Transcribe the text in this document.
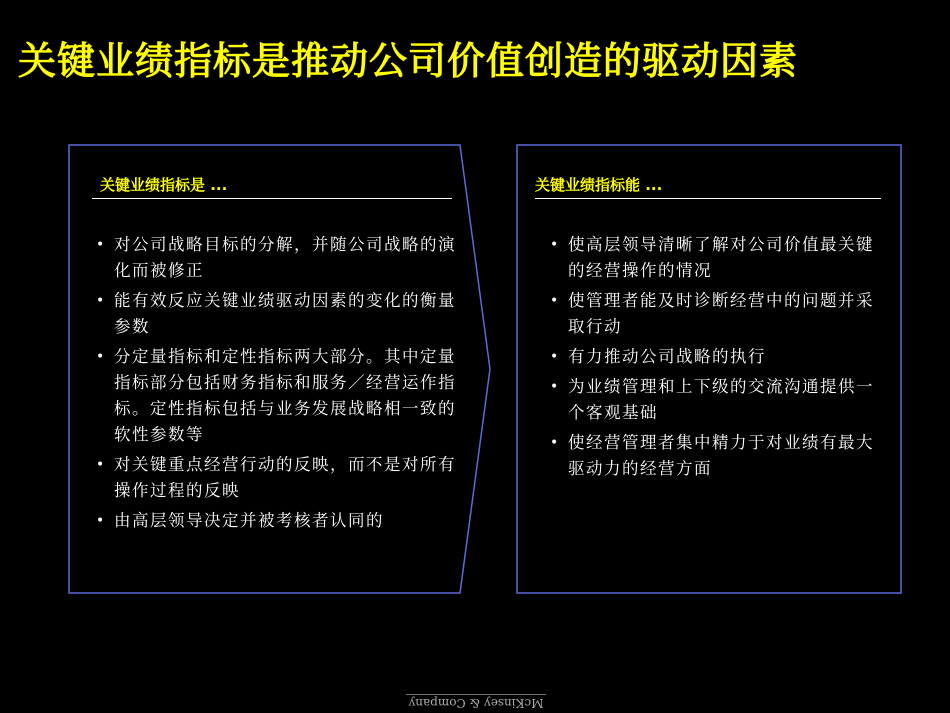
关键业绩指标是推动公司价值创造的驱动因素
关键业绩指标是 ...
• 对公司战略目标的分解，并随公司战略的演化而被修正
• 能有效反应关键业绩驱动因素的变化的衡量参数
• 分定量指标和定性指标两大部分。其中定量指标部分包括财务指标和服务／经营运作指标。定性指标包括与业务发展战略相一致的软性参数等
• 对关键重点经营行动的反映，而不是对所有操作过程的反映
• 由高层领导决定并被考核者认同的
关键业绩指标能 ...
• 使高层领导清晰了解对公司价值最关键的经营操作的情况
• 使管理者能及时诊断经营中的问题并采取行动
• 有力推动公司战略的执行
• 为业绩管理和上下级的交流沟通提供一个客观基础
• 使经营管理者集中精力于对业绩有最大驱动力的经营方面
McKinsey & Company
